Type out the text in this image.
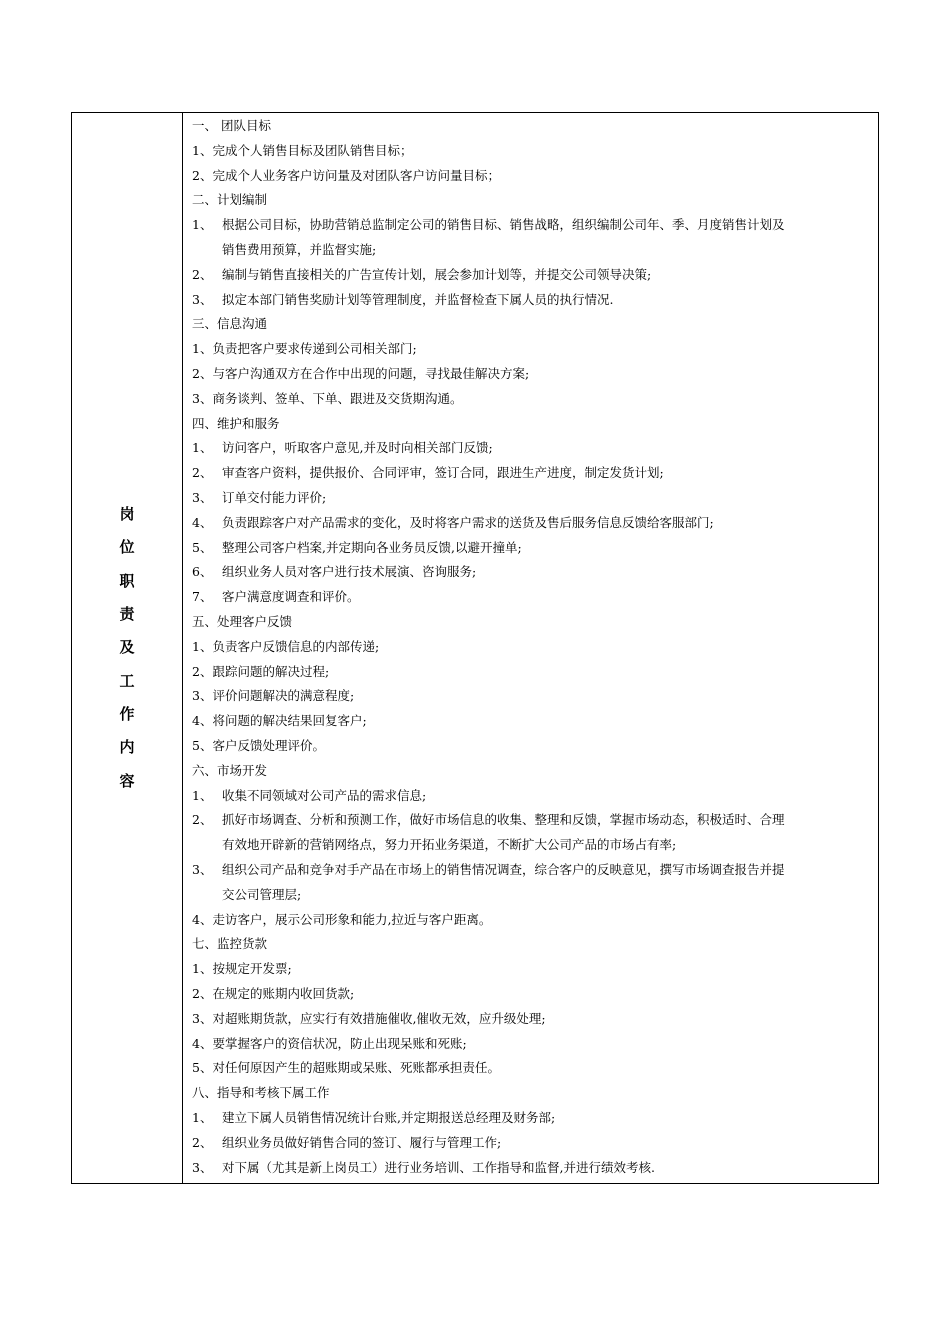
岗
位
职
责
及
工
作
内
容
一、 团队目标
1、完成个人销售目标及团队销售目标；
2、完成个人业务客户访问量及对团队客户访问量目标；
二、计划编制
1、 根据公司目标，协助营销总监制定公司的销售目标、销售战略，组织编制公司年、季、月度销售计划及
销售费用预算，并监督实施;
2、 编制与销售直接相关的广告宣传计划，展会参加计划等，并提交公司领导决策;
3、 拟定本部门销售奖励计划等管理制度，并监督检查下属人员的执行情况.
三、信息沟通
1、负责把客户要求传递到公司相关部门;
2、与客户沟通双方在合作中出现的问题，寻找最佳解决方案;
3、商务谈判、签单、下单、跟进及交货期沟通。
四、维护和服务
1、 访问客户，听取客户意见,并及时向相关部门反馈;
2、 审查客户资料，提供报价、合同评审，签订合同，跟进生产进度，制定发货计划;
3、 订单交付能力评价;
4、 负责跟踪客户对产品需求的变化，及时将客户需求的送货及售后服务信息反馈给客服部门;
5、 整理公司客户档案,并定期向各业务员反馈,以避开撞单;
6、 组织业务人员对客户进行技术展演、咨询服务;
7、 客户满意度调查和评价。
五、处理客户反馈
1、负责客户反馈信息的内部传递;
2、跟踪问题的解决过程;
3、评价问题解决的满意程度;
4、将问题的解决结果回复客户;
5、客户反馈处理评价。
六、市场开发
1、 收集不同领域对公司产品的需求信息;
2、 抓好市场调查、分析和预测工作，做好市场信息的收集、整理和反馈，掌握市场动态，积极适时、合理
有效地开辟新的营销网络点，努力开拓业务渠道，不断扩大公司产品的市场占有率;
3、 组织公司产品和竞争对手产品在市场上的销售情况调查，综合客户的反映意见，撰写市场调查报告并提
交公司管理层;
4、走访客户，展示公司形象和能力,拉近与客户距离。
七、监控货款
1、按规定开发票;
2、在规定的账期内收回货款;
3、对超账期货款，应实行有效措施催收,催收无效，应升级处理;
4、要掌握客户的资信状况，防止出现呆账和死账;
5、对任何原因产生的超账期或呆账、死账都承担责任。
八、指导和考核下属工作
1、 建立下属人员销售情况统计台账,并定期报送总经理及财务部;
2、 组织业务员做好销售合同的签订、履行与管理工作;
3、 对下属（尤其是新上岗员工）进行业务培训、工作指导和监督,并进行绩效考核.
